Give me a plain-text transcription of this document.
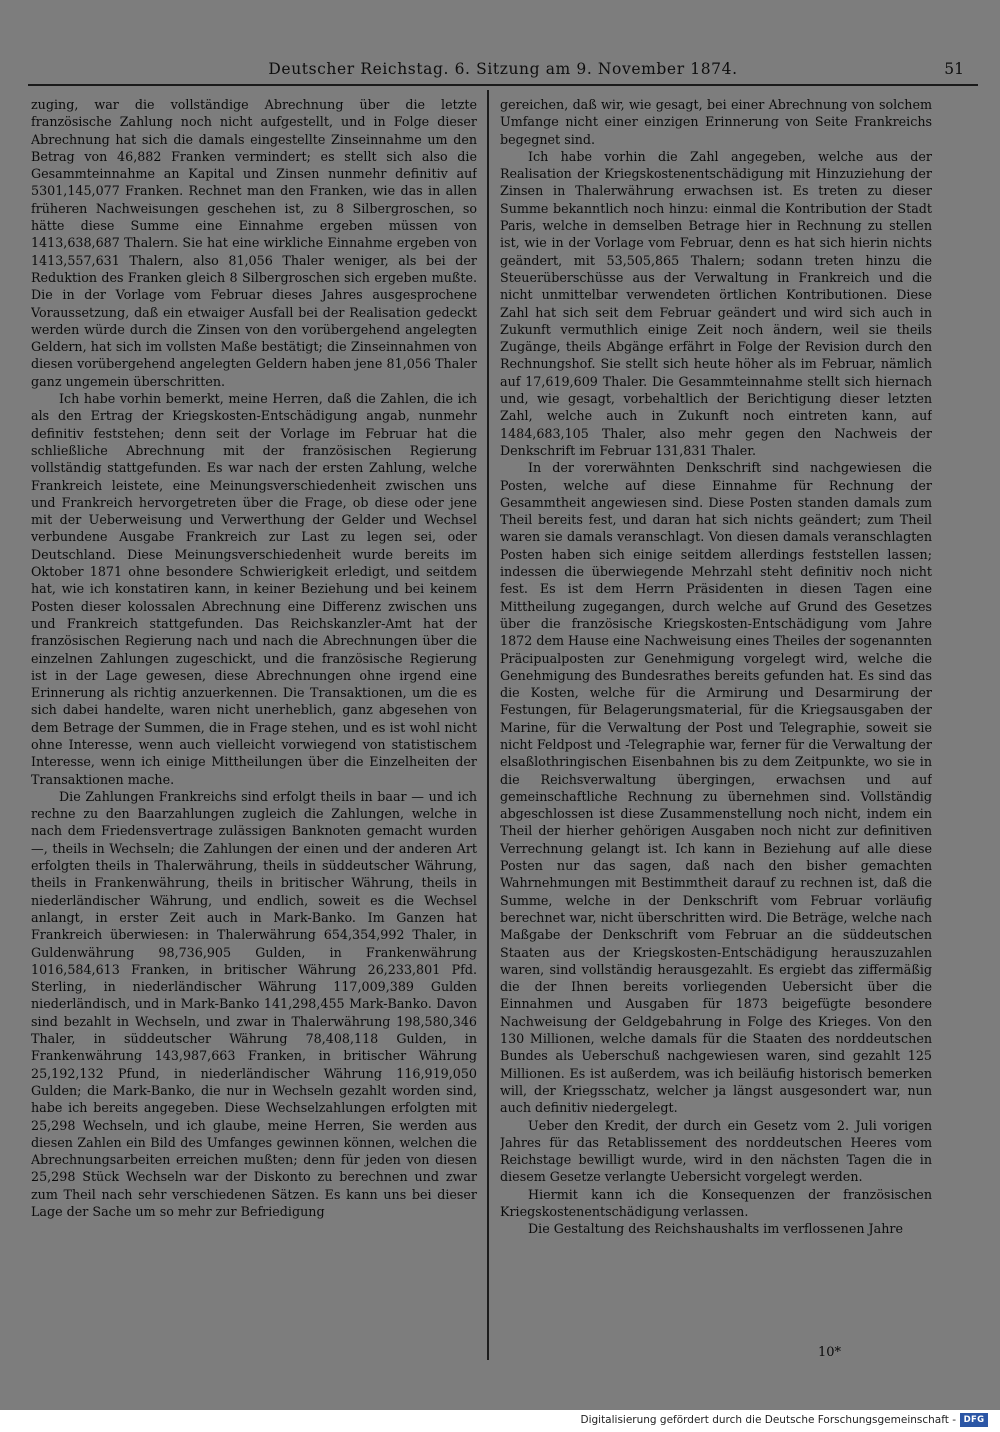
Deutscher Reichstag. 6. Sitzung am 9. November 1874.	51

zuging, war die vollständige Abrechnung über die letzte französische Zahlung noch nicht aufgestellt, und in Folge dieser Abrechnung hat sich die damals eingestellte Zinseinnahme um den Betrag von 46,882 Franken vermindert; es stellt sich also die Gesammteinnahme an Kapital und Zinsen nunmehr definitiv auf 5301,145,077 Franken. Rechnet man den Franken, wie das in allen früheren Nachweisungen geschehen ist, zu 8 Silbergroschen, so hätte diese Summe eine Einnahme ergeben müssen von 1413,638,687 Thalern. Sie hat eine wirkliche Einnahme ergeben von 1413,557,631 Thalern, also 81,056 Thaler weniger, als bei der Reduktion des Franken gleich 8 Silbergroschen sich ergeben mußte. Die in der Vorlage vom Februar dieses Jahres ausgesprochene Voraussetzung, daß ein etwaiger Ausfall bei der Realisation gedeckt werden würde durch die Zinsen von den vorübergehend angelegten Geldern, hat sich im vollsten Maße bestätigt; die Zinseinnahmen von diesen vorübergehend angelegten Geldern haben jene 81,056 Thaler ganz ungemein überschritten.

Ich habe vorhin bemerkt, meine Herren, daß die Zahlen, die ich als den Ertrag der Kriegskosten-Entschädigung angab, nunmehr definitiv feststehen; denn seit der Vorlage im Februar hat die schließliche Abrechnung mit der französischen Regierung vollständig stattgefunden. Es war nach der ersten Zahlung, welche Frankreich leistete, eine Meinungsverschiedenheit zwischen uns und Frankreich hervorgetreten über die Frage, ob diese oder jene mit der Ueberweisung und Verwerthung der Gelder und Wechsel verbundene Ausgabe Frankreich zur Last zu legen sei, oder Deutschland. Diese Meinungsverschiedenheit wurde bereits im Oktober 1871 ohne besondere Schwierigkeit erledigt, und seitdem hat, wie ich konstatiren kann, in keiner Beziehung und bei keinem Posten dieser kolossalen Abrechnung eine Differenz zwischen uns und Frankreich stattgefunden. Das Reichskanzler-Amt hat der französischen Regierung nach und nach die Abrechnungen über die einzelnen Zahlungen zugeschickt, und die französische Regierung ist in der Lage gewesen, diese Abrechnungen ohne irgend eine Erinnerung als richtig anzuerkennen. Die Transaktionen, um die es sich dabei handelte, waren nicht unerheblich, ganz abgesehen von dem Betrage der Summen, die in Frage stehen, und es ist wohl nicht ohne Interesse, wenn auch vielleicht vorwiegend von statistischem Interesse, wenn ich einige Mittheilungen über die Einzelheiten der Transaktionen mache.

Die Zahlungen Frankreichs sind erfolgt theils in baar — und ich rechne zu den Baarzahlungen zugleich die Zahlungen, welche in nach dem Friedensvertrage zulässigen Banknoten gemacht wurden —, theils in Wechseln; die Zahlungen der einen und der anderen Art erfolgten theils in Thalerwährung, theils in süddeutscher Währung, theils in Frankenwährung, theils in britischer Währung, theils in niederländischer Währung, und endlich, soweit es die Wechsel anlangt, in erster Zeit auch in Mark-Banko. Im Ganzen hat Frankreich überwiesen: in Thalerwährung 654,354,992 Thaler, in Guldenwährung 98,736,905 Gulden, in Frankenwährung 1016,584,613 Franken, in britischer Währung 26,233,801 Pfd. Sterling, in niederländischer Währung 117,009,389 Gulden niederländisch, und in Mark-Banko 141,298,455 Mark-Banko. Davon sind bezahlt in Wechseln, und zwar in Thalerwährung 198,580,346 Thaler, in süddeutscher Währung 78,408,118 Gulden, in Frankenwährung 143,987,663 Franken, in britischer Währung 25,192,132 Pfund, in niederländischer Währung 116,919,050 Gulden; die Mark-Banko, die nur in Wechseln gezahlt worden sind, habe ich bereits angegeben. Diese Wechselzahlungen erfolgten mit 25,298 Wechseln, und ich glaube, meine Herren, Sie werden aus diesen Zahlen ein Bild des Umfanges gewinnen können, welchen die Abrechnungsarbeiten erreichen mußten; denn für jeden von diesen 25,298 Stück Wechseln war der Diskonto zu berechnen und zwar zum Theil nach sehr verschiedenen Sätzen. Es kann uns bei dieser Lage der Sache um so mehr zur Befriedigung

gereichen, daß wir, wie gesagt, bei einer Abrechnung von solchem Umfange nicht einer einzigen Erinnerung von Seite Frankreichs begegnet sind.

Ich habe vorhin die Zahl angegeben, welche aus der Realisation der Kriegskostenentschädigung mit Hinzuziehung der Zinsen in Thalerwährung erwachsen ist. Es treten zu dieser Summe bekanntlich noch hinzu: einmal die Kontribution der Stadt Paris, welche in demselben Betrage hier in Rechnung zu stellen ist, wie in der Vorlage vom Februar, denn es hat sich hierin nichts geändert, mit 53,505,865 Thalern; sodann treten hinzu die Steuerüberschüsse aus der Verwaltung in Frankreich und die nicht unmittelbar verwendeten örtlichen Kontributionen. Diese Zahl hat sich seit dem Februar geändert und wird sich auch in Zukunft vermuthlich einige Zeit noch ändern, weil sie theils Zugänge, theils Abgänge erfährt in Folge der Revision durch den Rechnungshof. Sie stellt sich heute höher als im Februar, nämlich auf 17,619,609 Thaler. Die Gesammteinnahme stellt sich hiernach und, wie gesagt, vorbehaltlich der Berichtigung dieser letzten Zahl, welche auch in Zukunft noch eintreten kann, auf 1484,683,105 Thaler, also mehr gegen den Nachweis der Denkschrift im Februar 131,831 Thaler.

In der vorerwähnten Denkschrift sind nachgewiesen die Posten, welche auf diese Einnahme für Rechnung der Gesammtheit angewiesen sind. Diese Posten standen damals zum Theil bereits fest, und daran hat sich nichts geändert; zum Theil waren sie damals veranschlagt. Von diesen damals veranschlagten Posten haben sich einige seitdem allerdings feststellen lassen; indessen die überwiegende Mehrzahl steht definitiv noch nicht fest. Es ist dem Herrn Präsidenten in diesen Tagen eine Mittheilung zugegangen, durch welche auf Grund des Gesetzes über die französische Kriegskosten-Entschädigung vom Jahre 1872 dem Hause eine Nachweisung eines Theiles der sogenannten Präcipualposten zur Genehmigung vorgelegt wird, welche die Genehmigung des Bundesrathes bereits gefunden hat. Es sind das die Kosten, welche für die Armirung und Desarmirung der Festungen, für Belagerungsmaterial, für die Kriegsausgaben der Marine, für die Verwaltung der Post und Telegraphie, soweit sie nicht Feldpost und -Telegraphie war, ferner für die Verwaltung der elsaßlothringischen Eisenbahnen bis zu dem Zeitpunkte, wo sie in die Reichsverwaltung übergingen, erwachsen und auf gemeinschaftliche Rechnung zu übernehmen sind. Vollständig abgeschlossen ist diese Zusammenstellung noch nicht, indem ein Theil der hierher gehörigen Ausgaben noch nicht zur definitiven Verrechnung gelangt ist. Ich kann in Beziehung auf alle diese Posten nur das sagen, daß nach den bisher gemachten Wahrnehmungen mit Bestimmtheit darauf zu rechnen ist, daß die Summe, welche in der Denkschrift vom Februar vorläufig berechnet war, nicht überschritten wird. Die Beträge, welche nach Maßgabe der Denkschrift vom Februar an die süddeutschen Staaten aus der Kriegskosten-Entschädigung herauszuzahlen waren, sind vollständig herausgezahlt. Es ergiebt das ziffermäßig die der Ihnen bereits vorliegenden Uebersicht über die Einnahmen und Ausgaben für 1873 beigefügte besondere Nachweisung der Geldgebahrung in Folge des Krieges. Von den 130 Millionen, welche damals für die Staaten des norddeutschen Bundes als Ueberschuß nachgewiesen waren, sind gezahlt 125 Millionen. Es ist außerdem, was ich beiläufig historisch bemerken will, der Kriegsschatz, welcher ja längst ausgesondert war, nun auch definitiv niedergelegt.

Ueber den Kredit, der durch ein Gesetz vom 2. Juli vorigen Jahres für das Retablissement des norddeutschen Heeres vom Reichstage bewilligt wurde, wird in den nächsten Tagen die in diesem Gesetze verlangte Uebersicht vorgelegt werden.

Hiermit kann ich die Konsequenzen der französischen Kriegskostenentschädigung verlassen.

Die Gestaltung des Reichshaushalts im verflossenen Jahre

10*
Digitalisierung gefördert durch die Deutsche Forschungsgemeinschaft - DFG
